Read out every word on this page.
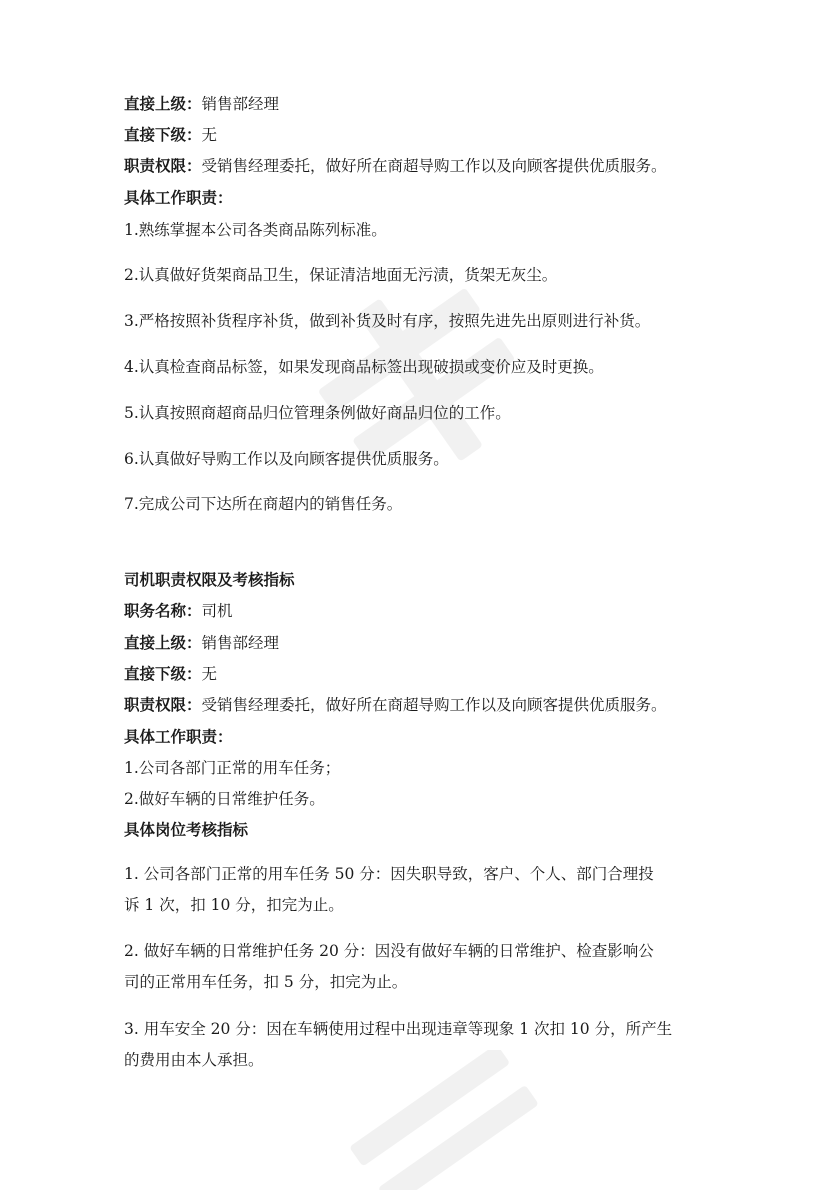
直接上级：销售部经理
直接下级：无
职责权限：受销售经理委托，做好所在商超导购工作以及向顾客提供优质服务。
具体工作职责：
1.熟练掌握本公司各类商品陈列标准。
2.认真做好货架商品卫生，保证清洁地面无污渍，货架无灰尘。
3.严格按照补货程序补货，做到补货及时有序，按照先进先出原则进行补货。
4.认真检查商品标签，如果发现商品标签出现破损或变价应及时更换。
5.认真按照商超商品归位管理条例做好商品归位的工作。
6.认真做好导购工作以及向顾客提供优质服务。
7.完成公司下达所在商超内的销售任务。
司机职责权限及考核指标
职务名称：司机
直接上级：销售部经理
直接下级：无
职责权限：受销售经理委托，做好所在商超导购工作以及向顾客提供优质服务。
具体工作职责：
1.公司各部门正常的用车任务；
2.做好车辆的日常维护任务。
具体岗位考核指标
1. 公司各部门正常的用车任务 50 分：因失职导致，客户、个人、部门合理投
诉 1 次，扣 10 分，扣完为止。
2. 做好车辆的日常维护任务 20 分：因没有做好车辆的日常维护、检查影响公
司的正常用车任务，扣 5 分，扣完为止。
3. 用车安全 20 分：因在车辆使用过程中出现违章等现象 1 次扣 10 分，所产生
的费用由本人承担。
